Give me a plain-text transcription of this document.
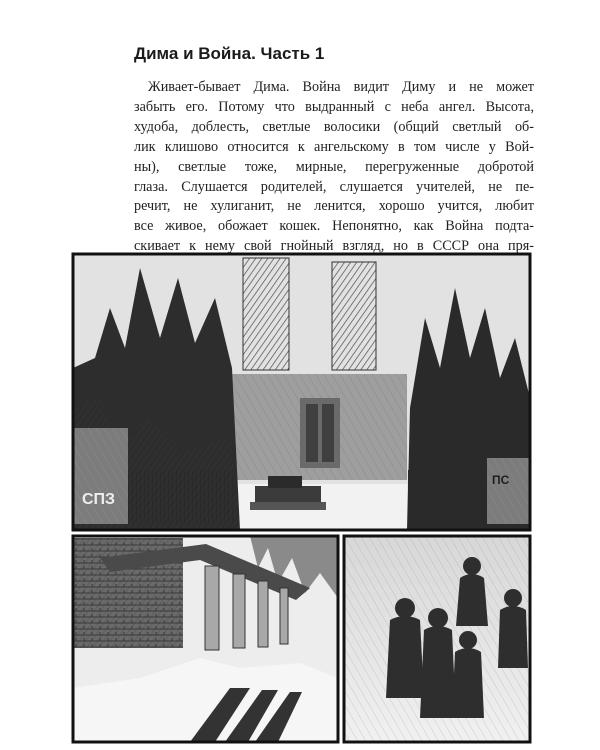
Дима и Война. Часть 1
Живает-бывает Дима. Война видит Диму и не может
забыть его. Потому что выдранный с неба ангел. Высота,
худоба, доблесть, светлые волосики (общий светлый об-
лик клишово относится к ангельскому в том числе у Вой-
ны), светлые тоже, мирные, перегруженные добротой
глаза. Слушается родителей, слушается учителей, не пе-
речит, не хулиганит, не ленится, хорошо учится, любит
все живое, обожает кошек. Непонятно, как Война подта-
скивает к нему свой гнойный взгляд, но в СССР она пря-
СПЗ
ПС
